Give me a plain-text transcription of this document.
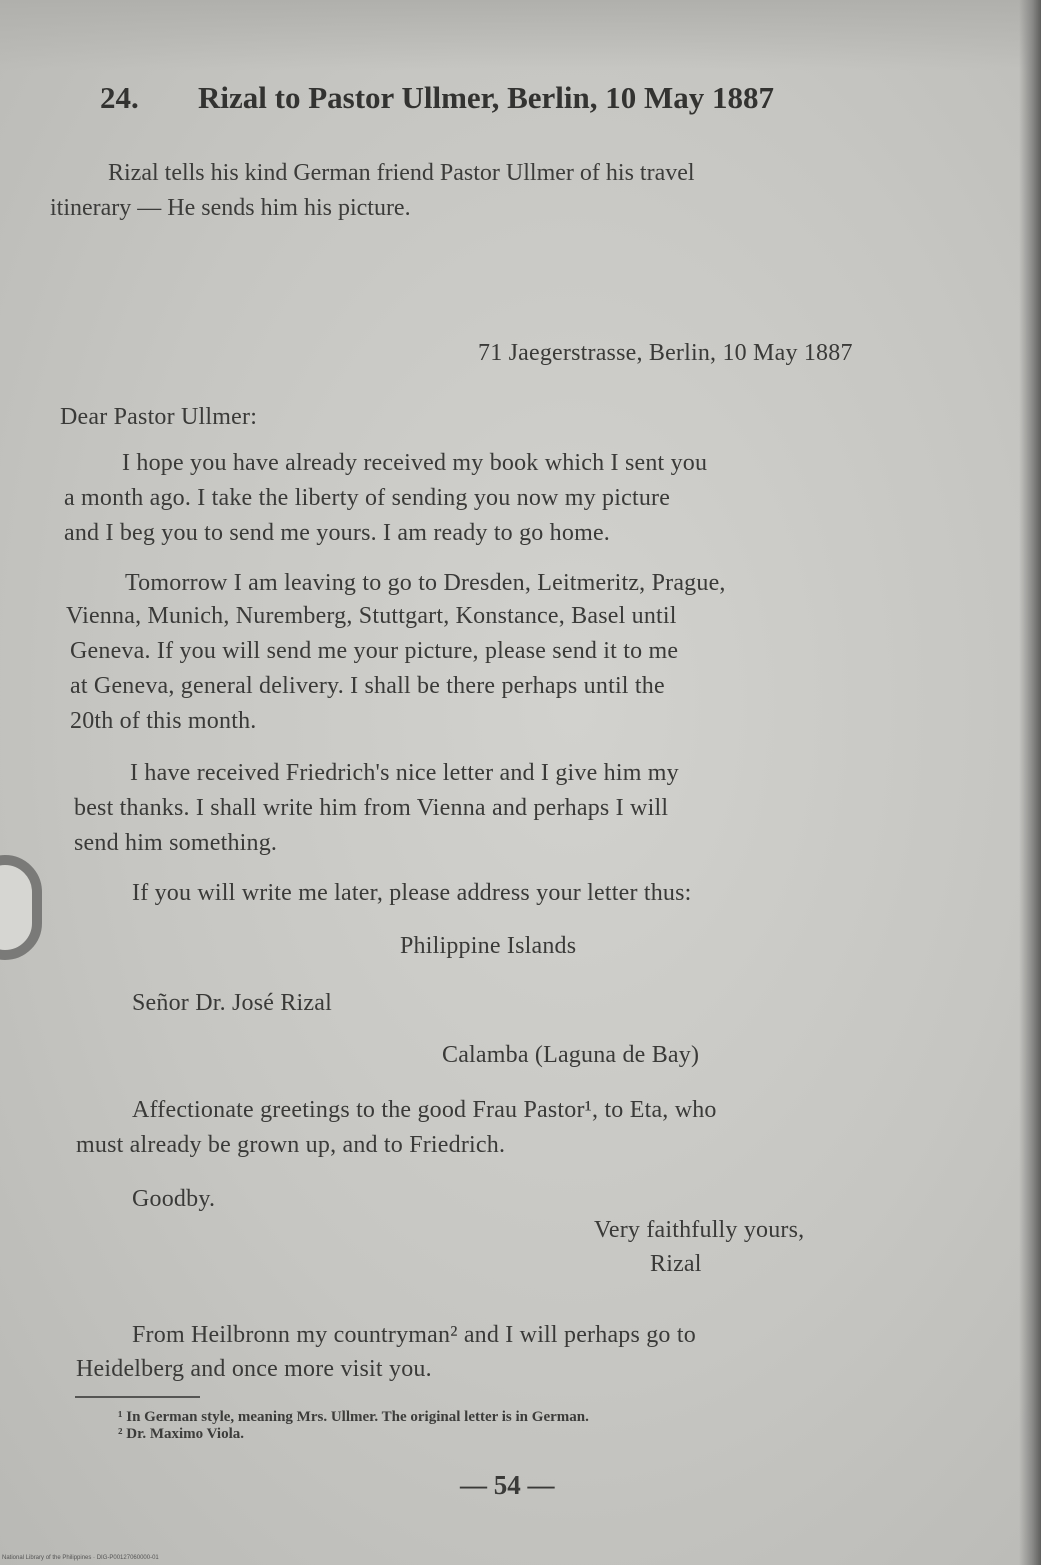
24. Rizal to Pastor Ullmer, Berlin, 10 May 1887

Rizal tells his kind German friend Pastor Ullmer of his travel

itinerary — He sends him his picture.

71 Jaegerstrasse, Berlin, 10 May 1887

Dear Pastor Ullmer:

I hope you have already received my book which I sent you

a month ago. I take the liberty of sending you now my picture

and I beg you to send me yours. I am ready to go home.

Tomorrow I am leaving to go to Dresden, Leitmeritz, Prague,

Vienna, Munich, Nuremberg, Stuttgart, Konstance, Basel until

Geneva. If you will send me your picture, please send it to me

at Geneva, general delivery. I shall be there perhaps until the

20th of this month.

I have received Friedrich's nice letter and I give him my

best thanks. I shall write him from Vienna and perhaps I will

send him something.

If you will write me later, please address your letter thus:

Philippine Islands

Señor Dr. José Rizal

Calamba (Laguna de Bay)

Affectionate greetings to the good Frau Pastor¹, to Eta, who

must already be grown up, and to Friedrich.

Goodby.

Very faithfully yours,

Rizal

From Heilbronn my countryman² and I will perhaps go to

Heidelberg and once more visit you.

¹ In German style, meaning Mrs. Ullmer. The original letter is in German.

² Dr. Maximo Viola.

— 54 —

National Library of the Philippines · DIG-P00127060000-01
